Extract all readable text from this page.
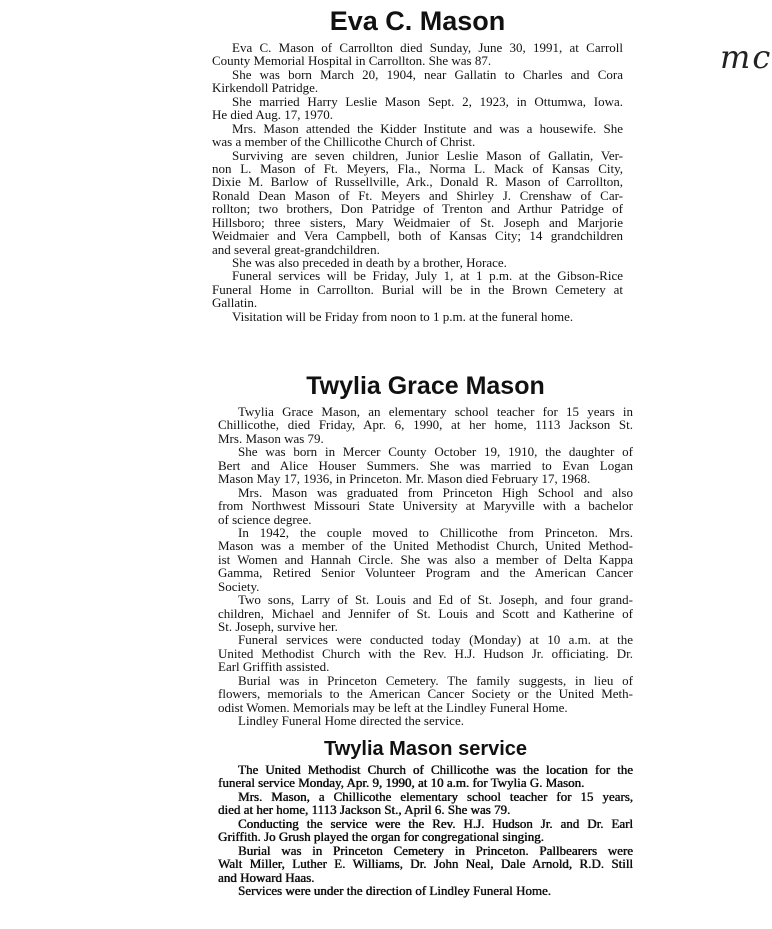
mc
Eva C. Mason
Eva C. Mason of Carrollton died Sunday, June 30, 1991, at Carroll
County Memorial Hospital in Carrollton. She was 87.
She was born March 20, 1904, near Gallatin to Charles and Cora
Kirkendoll Patridge.
She married Harry Leslie Mason Sept. 2, 1923, in Ottumwa, Iowa.
He died Aug. 17, 1970.
Mrs. Mason attended the Kidder Institute and was a housewife. She
was a member of the Chillicothe Church of Christ.
Surviving are seven children, Junior Leslie Mason of Gallatin, Ver-
non L. Mason of Ft. Meyers, Fla., Norma L. Mack of Kansas City,
Dixie M. Barlow of Russellville, Ark., Donald R. Mason of Carrollton,
Ronald Dean Mason of Ft. Meyers and Shirley J. Crenshaw of Car-
rollton; two brothers, Don Patridge of Trenton and Arthur Patridge of
Hillsboro; three sisters, Mary Weidmaier of St. Joseph and Marjorie
Weidmaier and Vera Campbell, both of Kansas City; 14 grandchildren
and several great-grandchildren.
She was also preceded in death by a brother, Horace.
Funeral services will be Friday, July 1, at 1 p.m. at the Gibson-Rice
Funeral Home in Carrollton. Burial will be in the Brown Cemetery at
Gallatin.
Visitation will be Friday from noon to 1 p.m. at the funeral home.
Twylia Grace Mason
Twylia Grace Mason, an elementary school teacher for 15 years in
Chillicothe, died Friday, Apr. 6, 1990, at her home, 1113 Jackson St.
Mrs. Mason was 79.
She was born in Mercer County October 19, 1910, the daughter of
Bert and Alice Houser Summers. She was married to Evan Logan
Mason May 17, 1936, in Princeton. Mr. Mason died February 17, 1968.
Mrs. Mason was graduated from Princeton High School and also
from Northwest Missouri State University at Maryville with a bachelor
of science degree.
In 1942, the couple moved to Chillicothe from Princeton. Mrs.
Mason was a member of the United Methodist Church, United Method-
ist Women and Hannah Circle. She was also a member of Delta Kappa
Gamma, Retired Senior Volunteer Program and the American Cancer
Society.
Two sons, Larry of St. Louis and Ed of St. Joseph, and four grand-
children, Michael and Jennifer of St. Louis and Scott and Katherine of
St. Joseph, survive her.
Funeral services were conducted today (Monday) at 10 a.m. at the
United Methodist Church with the Rev. H.J. Hudson Jr. officiating. Dr.
Earl Griffith assisted.
Burial was in Princeton Cemetery. The family suggests, in lieu of
flowers, memorials to the American Cancer Society or the United Meth-
odist Women. Memorials may be left at the Lindley Funeral Home.
Lindley Funeral Home directed the service.
Twylia Mason service
The United Methodist Church of Chillicothe was the location for the
funeral service Monday, Apr. 9, 1990, at 10 a.m. for Twylia G. Mason.
Mrs. Mason, a Chillicothe elementary school teacher for 15 years,
died at her home, 1113 Jackson St., April 6. She was 79.
Conducting the service were the Rev. H.J. Hudson Jr. and Dr. Earl
Griffith. Jo Grush played the organ for congregational singing.
Burial was in Princeton Cemetery in Princeton. Pallbearers were
Walt Miller, Luther E. Williams, Dr. John Neal, Dale Arnold, R.D. Still
and Howard Haas.
Services were under the direction of Lindley Funeral Home.
